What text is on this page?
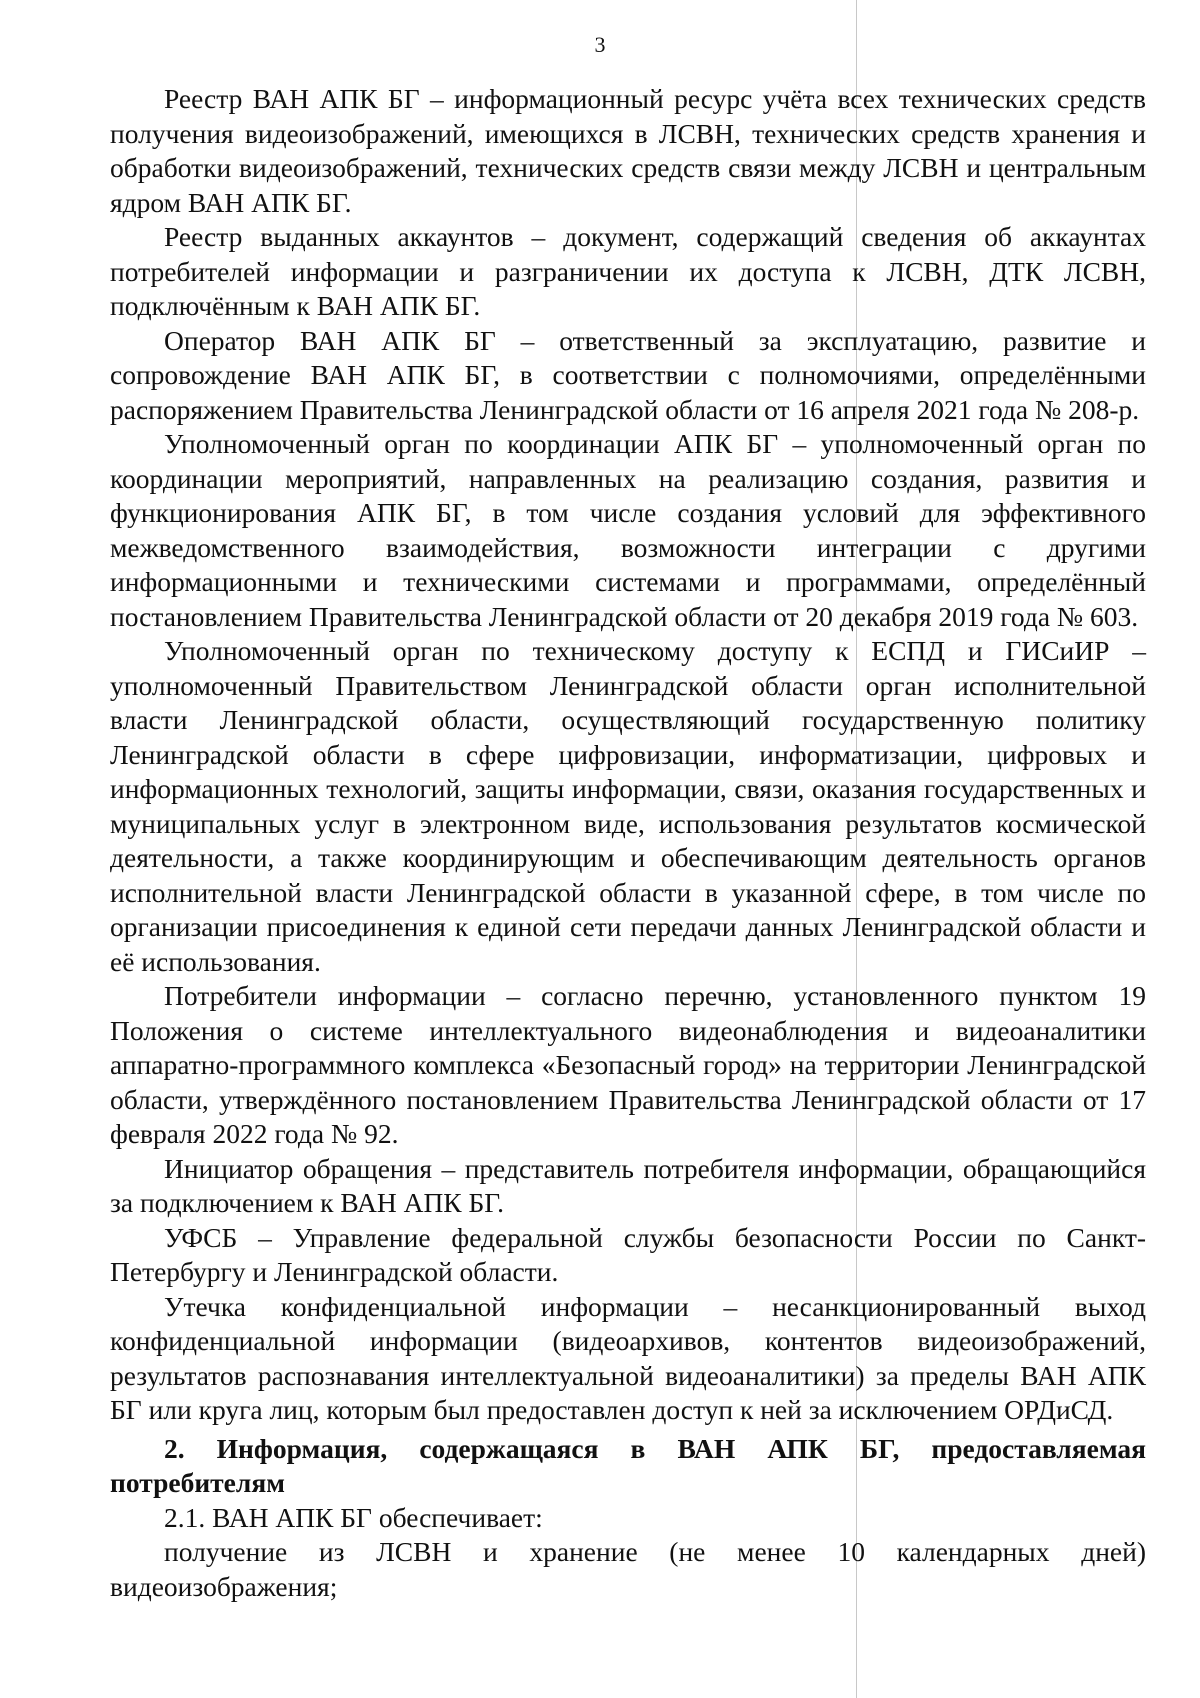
3

Реестр ВАН АПК БГ – информационный ресурс учёта всех технических средств получения видеоизображений, имеющихся в ЛСВН, технических средств хранения и обработки видеоизображений, технических средств связи между ЛСВН и центральным ядром ВАН АПК БГ.

Реестр выданных аккаунтов – документ, содержащий сведения об аккаунтах потребителей информации и разграничении их доступа к ЛСВН, ДТК ЛСВН, подключённым к ВАН АПК БГ.

Оператор ВАН АПК БГ – ответственный за эксплуатацию, развитие и сопровождение ВАН АПК БГ, в соответствии с полномочиями, определёнными распоряжением Правительства Ленинградской области от 16 апреля 2021 года № 208-р.

Уполномоченный орган по координации АПК БГ – уполномоченный орган по координации мероприятий, направленных на реализацию создания, развития и функционирования АПК БГ, в том числе создания условий для эффективного межведомственного взаимодействия, возможности интеграции с другими информационными и техническими системами и программами, определённый постановлением Правительства Ленинградской области от 20 декабря 2019 года № 603.

Уполномоченный орган по техническому доступу к ЕСПД и ГИСиИР – уполномоченный Правительством Ленинградской области орган исполнительной власти Ленинградской области, осуществляющий государственную политику Ленинградской области в сфере цифровизации, информатизации, цифровых и информационных технологий, защиты информации, связи, оказания государственных и муниципальных услуг в электронном виде, использования результатов космической деятельности, а также координирующим и обеспечивающим деятельность органов исполнительной власти Ленинградской области в указанной сфере, в том числе по организации присоединения к единой сети передачи данных Ленинградской области и её использования.

Потребители информации – согласно перечню, установленного пунктом 19 Положения о системе интеллектуального видеонаблюдения и видеоаналитики аппаратно-программного комплекса «Безопасный город» на территории Ленинградской области, утверждённого постановлением Правительства Ленинградской области от 17 февраля 2022 года № 92.

Инициатор обращения – представитель потребителя информации, обращающийся за подключением к ВАН АПК БГ.

УФСБ – Управление федеральной службы безопасности России по Санкт-Петербургу и Ленинградской области.

Утечка конфиденциальной информации – несанкционированный выход конфиденциальной информации (видеоархивов, контентов видеоизображений, результатов распознавания интеллектуальной видеоаналитики) за пределы ВАН АПК БГ или круга лиц, которым был предоставлен доступ к ней за исключением ОРДиСД.

2. Информация, содержащаяся в ВАН АПК БГ, предоставляемая потребителям

2.1. ВАН АПК БГ обеспечивает:

получение из ЛСВН и хранение (не менее 10 календарных дней) видеоизображения;
